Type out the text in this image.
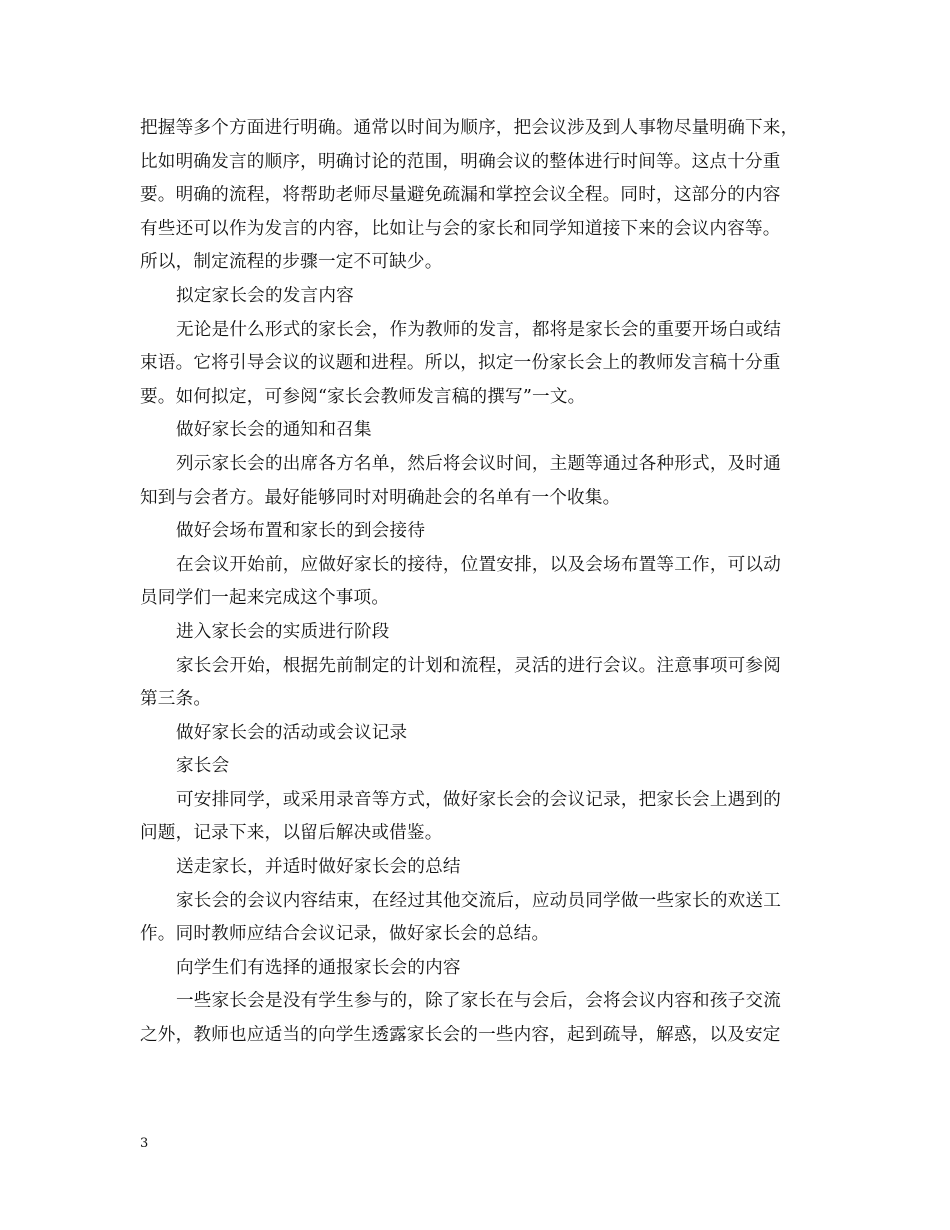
把握等多个方面进行明确。通常以时间为顺序，把会议涉及到人事物尽量明确下来，
比如明确发言的顺序，明确讨论的范围，明确会议的整体进行时间等。这点十分重
要。明确的流程，将帮助老师尽量避免疏漏和掌控会议全程。同时，这部分的内容
有些还可以作为发言的内容，比如让与会的家长和同学知道接下来的会议内容等。
所以，制定流程的步骤一定不可缺少。
拟定家长会的发言内容
无论是什么形式的家长会，作为教师的发言，都将是家长会的重要开场白或结
束语。它将引导会议的议题和进程。所以，拟定一份家长会上的教师发言稿十分重
要。如何拟定，可参阅“家长会教师发言稿的撰写”一文。
做好家长会的通知和召集
列示家长会的出席各方名单，然后将会议时间，主题等通过各种形式，及时通
知到与会者方。最好能够同时对明确赴会的名单有一个收集。
做好会场布置和家长的到会接待
在会议开始前，应做好家长的接待，位置安排，以及会场布置等工作，可以动
员同学们一起来完成这个事项。
进入家长会的实质进行阶段
家长会开始，根据先前制定的计划和流程，灵活的进行会议。注意事项可参阅
第三条。
做好家长会的活动或会议记录
家长会
可安排同学，或采用录音等方式，做好家长会的会议记录，把家长会上遇到的
问题，记录下来，以留后解决或借鉴。
送走家长，并适时做好家长会的总结
家长会的会议内容结束，在经过其他交流后，应动员同学做一些家长的欢送工
作。同时教师应结合会议记录，做好家长会的总结。
向学生们有选择的通报家长会的内容
一些家长会是没有学生参与的，除了家长在与会后，会将会议内容和孩子交流
之外，教师也应适当的向学生透露家长会的一些内容，起到疏导，解惑，以及安定
3
